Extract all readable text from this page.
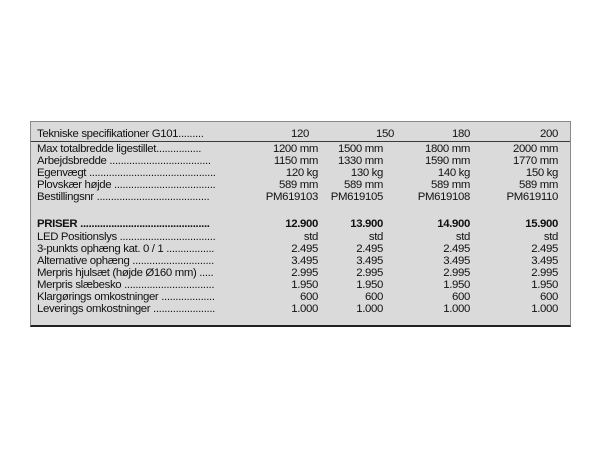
Tekniske specifikationer G101.........	120	150	180	200
Max totalbredde ligestillet................	1200 mm 1500 mm	1800 mm	2000 mm
Arbejdsbredde ....................................	1150 mm 1330 mm	1590 mm	1770 mm
Egenvægt .............................................	120 kg	130 kg	140 kg	150 kg
Plovskær højde ....................................	589 mm 589 mm	589 mm	589 mm
Bestillingsnr ........................................	PM619103 PM619105	PM619108	PM619110
PRISER ..............................................	12.900	13.900	14.900	15.900
LED Positionslys ..................................	std	std	std	std
3-punkts ophæng kat. 0 / 1 .................	2.495	2.495	2.495	2.495
Alternative ophæng .............................	3.495	3.495	3.495	3.495
Merpris hjulsæt (højde Ø160 mm) .....	2.995	2.995	2.995	2.995
Merpris slæbesko ................................	1.950	1.950	1.950	1.950
Klargørings omkostninger ...................	600	600	600	600
Leverings omkostninger ......................	1.000	1.000	1.000	1.000
